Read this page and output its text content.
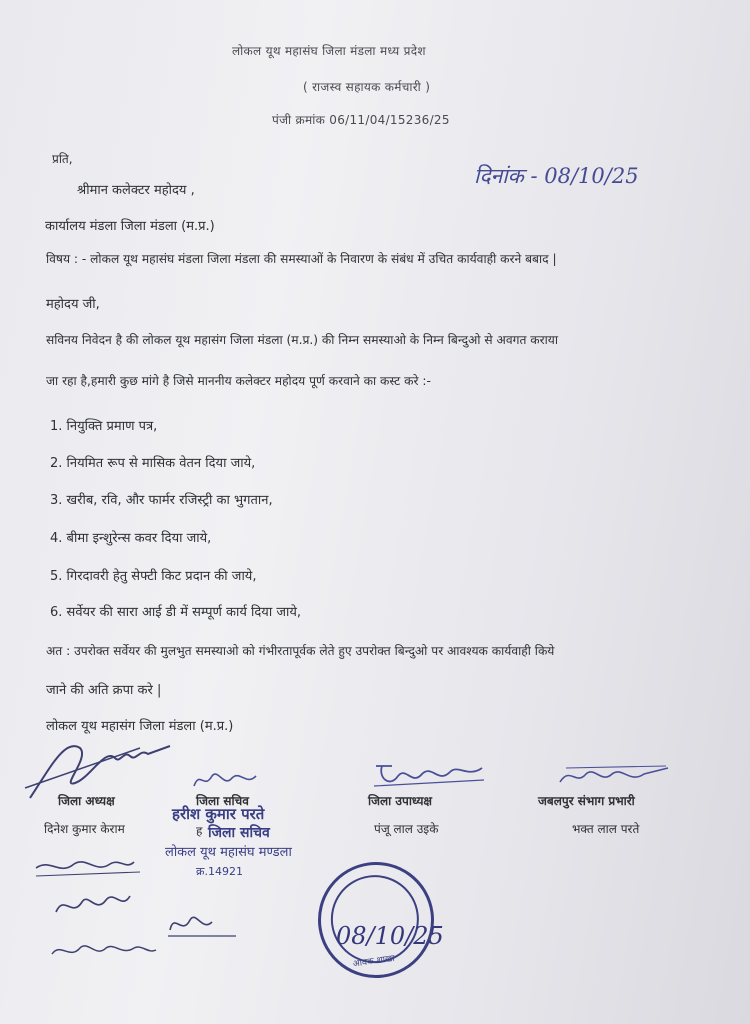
लोकल यूथ महासंघ जिला मंडला मध्य प्रदेश
( राजस्व सहायक कर्मचारी )
पंजी क्रमांक 06/11/04/15236/25
प्रति,
श्रीमान कलेक्टर महोदय ,
दिनांक - 08/10/25
कार्यालय मंडला जिला मंडला (म.प्र.)
विषय : - लोकल यूथ महासंघ मंडला जिला मंडला की समस्याओं के निवारण के संबंध में उचित कार्यवाही करने बबाद |
महोदय जी,
सविनय निवेदन है की लोकल यूथ महासंग जिला मंडला (म.प्र.) की निम्न समस्याओ के निम्न बिन्दुओ से अवगत कराया
जा रहा है,हमारी कुछ मांगे है जिसे माननीय कलेक्टर महोदय पूर्ण करवाने का कस्ट करे :-
1. नियुक्ति प्रमाण पत्र,
2. नियमित रूप से मासिक वेतन दिया जाये,
3. खरीब, रवि, और फार्मर रजिस्ट्री का भुगतान,
4. बीमा इन्शुरेन्स कवर दिया जाये,
5. गिरदावरी हेतु सेफ्टी किट प्रदान की जाये,
6. सर्वेयर की सारा आई डी में सम्पूर्ण कार्य दिया जाये,
अत : उपरोक्त सर्वेयर की मुलभुत समस्याओ को गंभीरतापूर्वक लेते हुए उपरोक्त बिन्दुओ पर आवश्यक कार्यवाही किये
जाने की अति क्रपा करे |
लोकल यूथ महासंग जिला मंडला (म.प्र.)
जिला अध्यक्ष	जिला सचिव	जिला उपाध्यक्ष	जबलपुर संभाग प्रभारी
हरीश कुमार परते
दिनेश कुमार केराम	ह	पंजू लाल उइके	भक्त लाल परते
जिला सचिव
लोकल यूथ महासंघ मण्डला
क्र.14921
आवक शाखा
08/10/25
